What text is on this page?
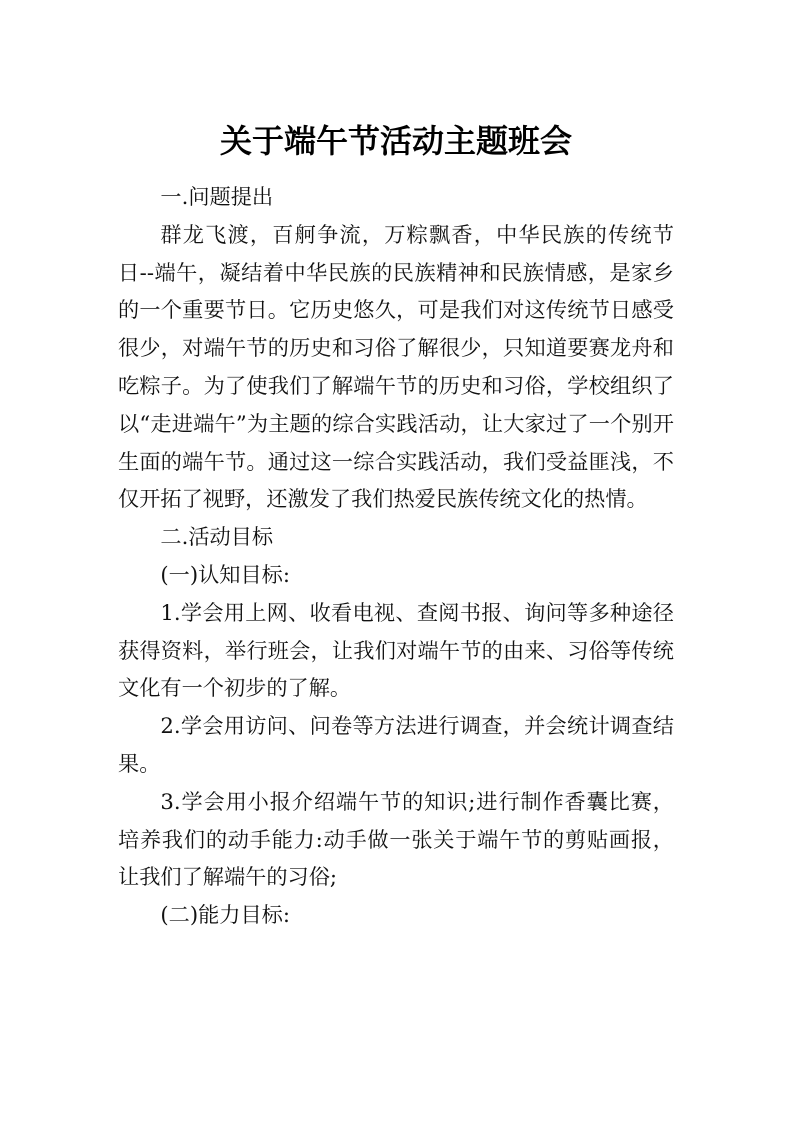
关于端午节活动主题班会

一.问题提出

群龙飞渡，百舸争流，万粽飘香，中华民族的传统节日--端午，凝结着中华民族的民族精神和民族情感，是家乡的一个重要节日。它历史悠久，可是我们对这传统节日感受很少，对端午节的历史和习俗了解很少，只知道要赛龙舟和吃粽子。为了使我们了解端午节的历史和习俗，学校组织了以“走进端午”为主题的综合实践活动，让大家过了一个别开生面的端午节。通过这一综合实践活动，我们受益匪浅，不仅开拓了视野，还激发了我们热爱民族传统文化的热情。

二.活动目标

(一)认知目标:

1.学会用上网、收看电视、查阅书报、询问等多种途径获得资料，举行班会，让我们对端午节的由来、习俗等传统文化有一个初步的了解。

2.学会用访问、问卷等方法进行调查，并会统计调查结果。

3.学会用小报介绍端午节的知识;进行制作香囊比赛，培养我们的动手能力:动手做一张关于端午节的剪贴画报，让我们了解端午的习俗;

(二)能力目标:
